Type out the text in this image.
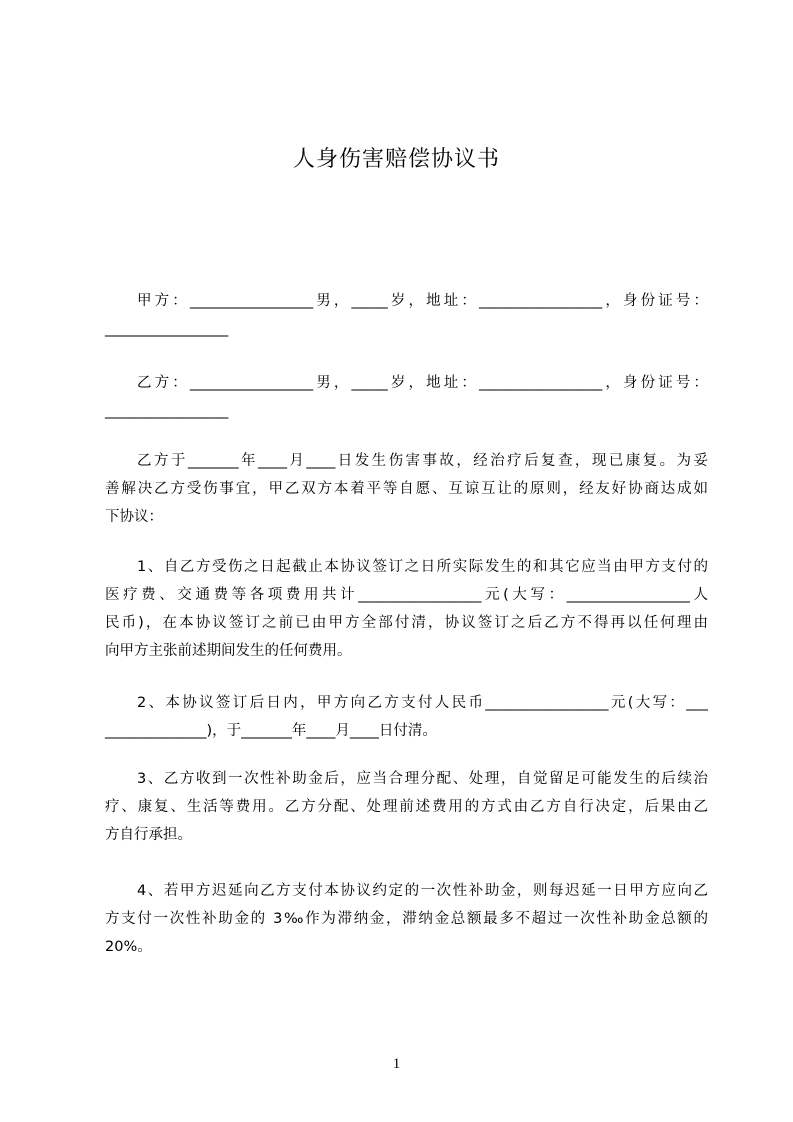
人身伤害赔偿协议书
甲方：_________________男，_____岁，地址：_________________，身份证号：
_________________
乙方：_________________男，_____岁，地址：_________________，身份证号：
_________________
乙方于_______年____月____日发生伤害事故，经治疗后复查，现已康复。为妥
善解决乙方受伤事宜，甲乙双方本着平等自愿、互谅互让的原则，经友好协商达成如
下协议：
1、自乙方受伤之日起截止本协议签订之日所实际发生的和其它应当由甲方支付的
医疗费、交通费等各项费用共计_________________元(大写：_________________人
民币)，在本协议签订之前已由甲方全部付清，协议签订之后乙方不得再以任何理由
向甲方主张前述期间发生的任何费用。
2、本协议签订后日内，甲方向乙方支付人民币_________________元(大写：___
______________)，于_______年____月____日付清。
3、乙方收到一次性补助金后，应当合理分配、处理，自觉留足可能发生的后续治
疗、康复、生活等费用。乙方分配、处理前述费用的方式由乙方自行决定，后果由乙
方自行承担。
4、若甲方迟延向乙方支付本协议约定的一次性补助金，则每迟延一日甲方应向乙
方支付一次性补助金的 3‰作为滞纳金，滞纳金总额最多不超过一次性补助金总额的
20%。
1
